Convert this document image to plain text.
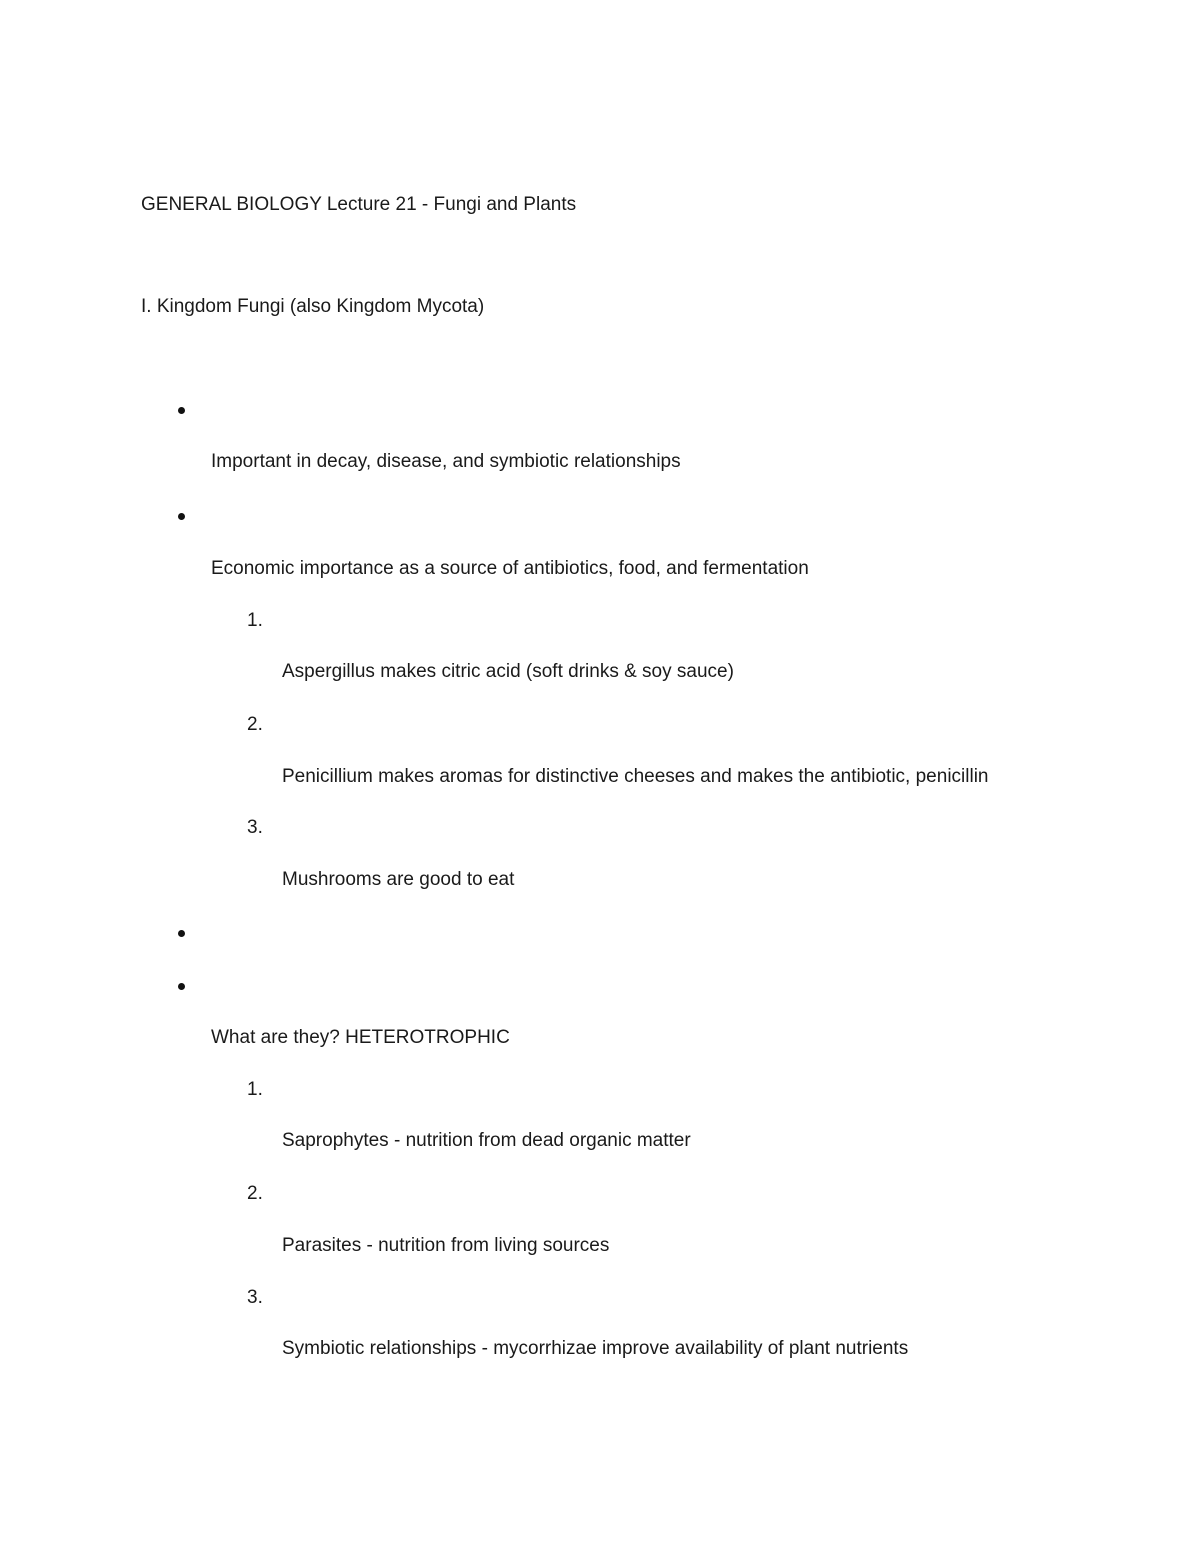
GENERAL BIOLOGY Lecture 21 - Fungi and Plants
I. Kingdom Fungi (also Kingdom Mycota)
Important in decay, disease, and symbiotic relationships
Economic importance as a source of antibiotics, food, and fermentation
1.
Aspergillus makes citric acid (soft drinks & soy sauce)
2.
Penicillium makes aromas for distinctive cheeses and makes the antibiotic, penicillin
3.
Mushrooms are good to eat
What are they? HETEROTROPHIC
1.
Saprophytes - nutrition from dead organic matter
2.
Parasites - nutrition from living sources
3.
Symbiotic relationships - mycorrhizae improve availability of plant nutrients
